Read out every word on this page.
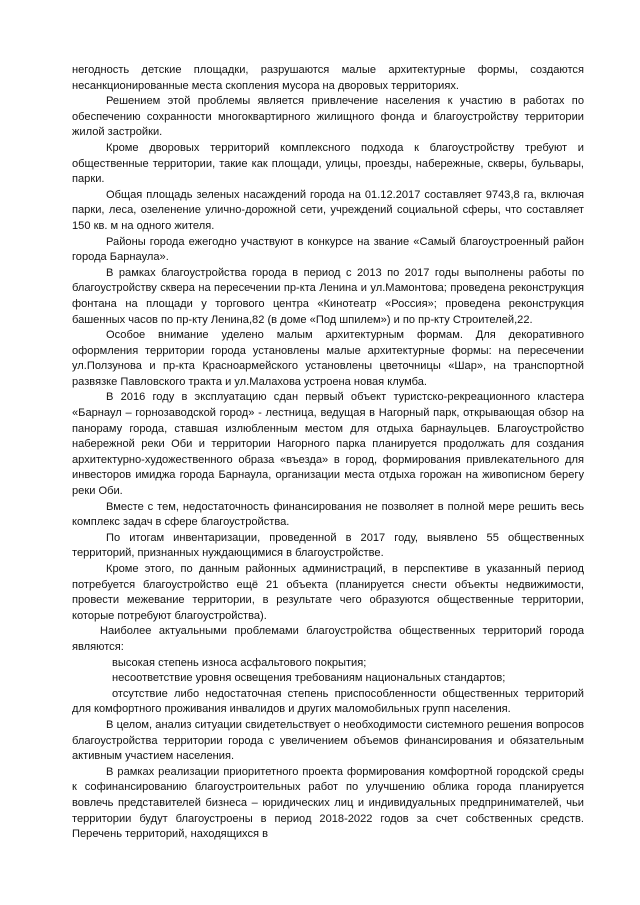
негодность детские площадки, разрушаются малые архитектурные формы, создаются несанкционированные места скопления мусора на дворовых территориях.

Решением этой проблемы является привлечение населения к участию в работах по обеспечению сохранности многоквартирного жилищного фонда и благоустройству территории жилой застройки.

Кроме дворовых территорий комплексного подхода к благоустройству требуют и общественные территории, такие как площади, улицы, проезды, набережные, скверы, бульвары, парки.

Общая площадь зеленых насаждений города на 01.12.2017 составляет 9743,8 га, включая парки, леса, озеленение улично-дорожной сети, учреждений социальной сферы, что составляет 150 кв. м на одного жителя.

Районы города ежегодно участвуют в конкурсе на звание «Самый благоустроенный район города Барнаула».

В рамках благоустройства города в период с 2013 по 2017 годы выполнены работы по благоустройству сквера на пересечении пр-кта Ленина и ул.Мамонтова; проведена реконструкция фонтана на площади у торгового центра «Кинотеатр «Россия»; проведена реконструкция башенных часов по пр-кту Ленина,82 (в доме «Под шпилем») и по пр-кту Строителей,22.

Особое внимание уделено малым архитектурным формам. Для декоративного оформления территории города установлены малые архитектурные формы: на пересечении ул.Ползунова и пр-кта Красноармейского установлены цветочницы «Шар», на транспортной развязке Павловского тракта и ул.Малахова устроена новая клумба.

В 2016 году в эксплуатацию сдан первый объект туристско-рекреационного кластера «Барнаул – горнозаводской город» - лестница, ведущая в Нагорный парк, открывающая обзор на панораму города, ставшая излюбленным местом для отдыха барнаульцев. Благоустройство набережной реки Оби и территории Нагорного парка планируется продолжать для создания архитектурно-художественного образа «въезда» в город, формирования привлекательного для инвесторов имиджа города Барнаула, организации места отдыха горожан на живописном берегу реки Оби.

Вместе с тем, недостаточность финансирования не позволяет в полной мере решить весь комплекс задач в сфере благоустройства.

По итогам инвентаризации, проведенной в 2017 году, выявлено 55 общественных территорий, признанных нуждающимися в благоустройстве.

Кроме этого, по данным районных администраций, в перспективе в указанный период потребуется благоустройство ещё 21 объекта (планируется снести объекты недвижимости, провести межевание территории, в результате чего образуются общественные территории, которые потребуют благоустройства).

Наиболее актуальными проблемами благоустройства общественных территорий города являются:

высокая степень износа асфальтового покрытия;

несоответствие уровня освещения требованиям национальных стандартов;

отсутствие либо недостаточная степень приспособленности общественных территорий для комфортного проживания инвалидов и других маломобильных групп населения.

В целом, анализ ситуации свидетельствует о необходимости системного решения вопросов благоустройства территории города с увеличением объемов финансирования и обязательным активным участием населения.

В рамках реализации приоритетного проекта формирования комфортной городской среды к софинансированию благоустроительных работ по улучшению облика города планируется вовлечь представителей бизнеса – юридических лиц и индивидуальных предпринимателей, чьи территории будут благоустроены в период 2018-2022 годов за счет собственных средств. Перечень территорий, находящихся в
